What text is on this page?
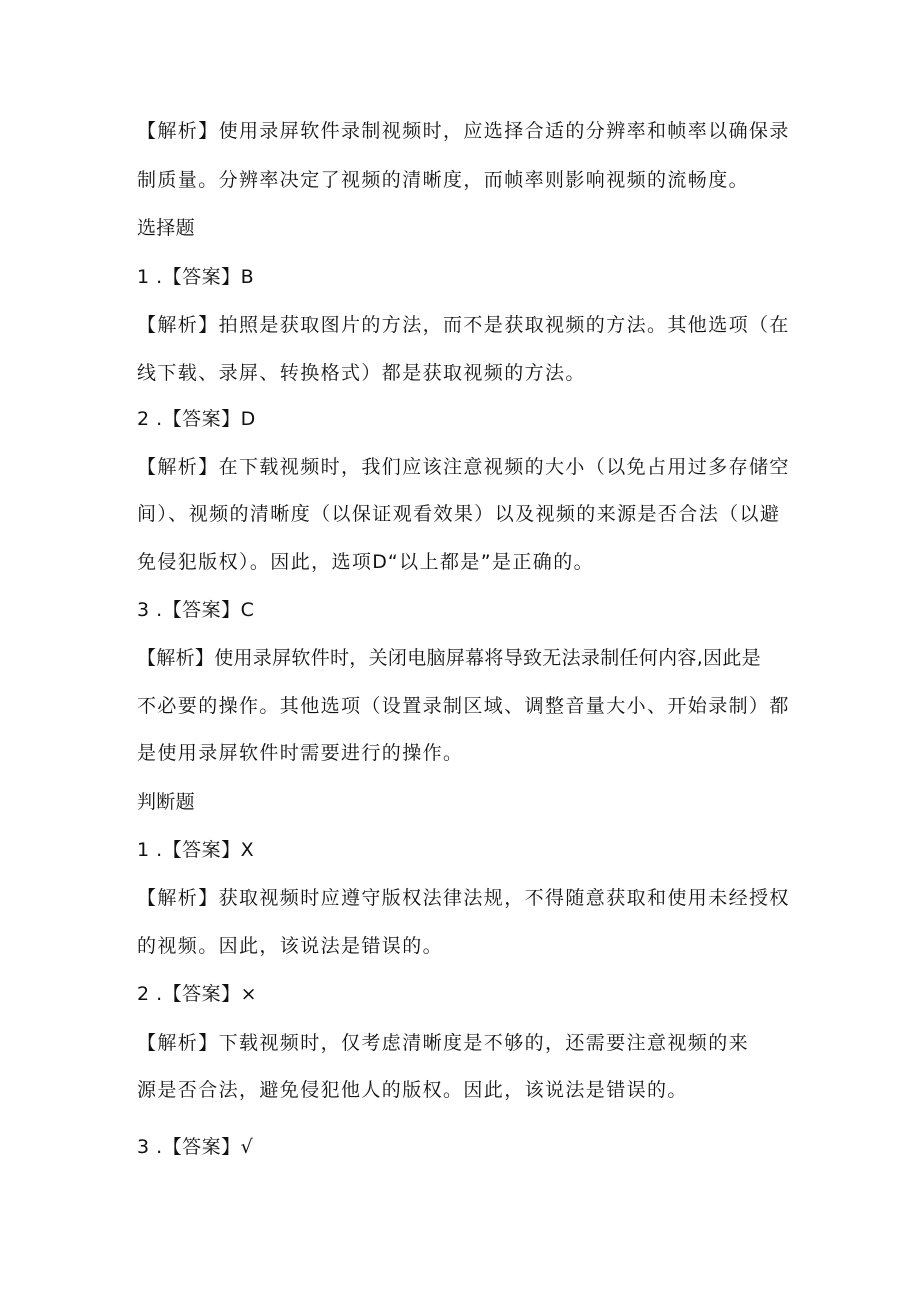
【解析】使用录屏软件录制视频时，应选择合适的分辨率和帧率以确保录
制质量。分辨率决定了视频的清晰度，而帧率则影响视频的流畅度。
选择题
1 .【答案】B
【解析】拍照是获取图片的方法，而不是获取视频的方法。其他选项（在
线下载、录屏、转换格式）都是获取视频的方法。
2 .【答案】D
【解析】在下载视频时，我们应该注意视频的大小（以免占用过多存储空
间）、视频的清晰度（以保证观看效果）以及视频的来源是否合法（以避
免侵犯版权）。因此，选项D“以上都是”是正确的。
3 .【答案】C
【解析】使用录屏软件时，关闭电脑屏幕将导致无法录制任何内容,因此是
不必要的操作。其他选项（设置录制区域、调整音量大小、开始录制）都
是使用录屏软件时需要进行的操作。
判断题
1 .【答案】X
【解析】获取视频时应遵守版权法律法规，不得随意获取和使用未经授权
的视频。因此，该说法是错误的。
2 .【答案】×
【解析】下载视频时，仅考虑清晰度是不够的，还需要注意视频的来
源是否合法，避免侵犯他人的版权。因此，该说法是错误的。
3 .【答案】√
